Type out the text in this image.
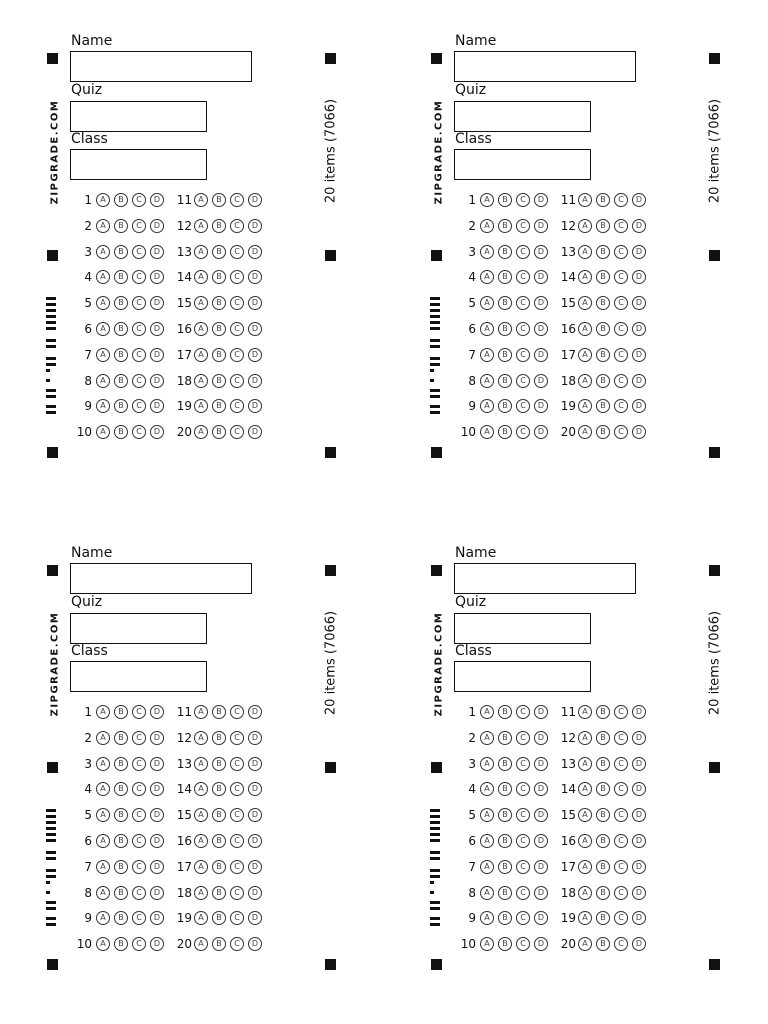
Name
Quiz
Class
ZIPGRADE.COM	20 items (7066)
1	A	B	C	D	11 A	B	C	D
2	A	B	C	D	12 A	B	C	D
3	A	B	C	D	13 A	B	C	D
4	A	B	C	D	14 A	B	C	D
5	A	B	C	D	15 A	B	C	D
6	A	B	C	D	16 A	B	C	D
7	A	B	C	D	17 A	B	C	D
8	A	B	C	D	18 A	B	C	D
9	A	B	C	D	19 A	B	C	D
10	A	B	C	D	20 A	B	C	D
Name
Quiz
Class
ZIPGRADE.COM	20 items (7066)
1	A	B	C	D	11 A	B	C	D
2	A	B	C	D	12 A	B	C	D
3	A	B	C	D	13 A	B	C	D
4	A	B	C	D	14 A	B	C	D
5	A	B	C	D	15 A	B	C	D
6	A	B	C	D	16 A	B	C	D
7	A	B	C	D	17 A	B	C	D
8	A	B	C	D	18 A	B	C	D
9	A	B	C	D	19 A	B	C	D
10	A	B	C	D	20 A	B	C	D
Name
Quiz
Class
ZIPGRADE.COM	20 items (7066)
1	A	B	C	D	11 A	B	C	D
2	A	B	C	D	12 A	B	C	D
3	A	B	C	D	13 A	B	C	D
4	A	B	C	D	14 A	B	C	D
5	A	B	C	D	15 A	B	C	D
6	A	B	C	D	16 A	B	C	D
7	A	B	C	D	17 A	B	C	D
8	A	B	C	D	18 A	B	C	D
9	A	B	C	D	19 A	B	C	D
10	A	B	C	D	20 A	B	C	D
Name
Quiz
Class
ZIPGRADE.COM	20 items (7066)
1	A	B	C	D	11 A	B	C	D
2	A	B	C	D	12 A	B	C	D
3	A	B	C	D	13 A	B	C	D
4	A	B	C	D	14 A	B	C	D
5	A	B	C	D	15 A	B	C	D
6	A	B	C	D	16 A	B	C	D
7	A	B	C	D	17 A	B	C	D
8	A	B	C	D	18 A	B	C	D
9	A	B	C	D	19 A	B	C	D
10	A	B	C	D	20 A	B	C	D
